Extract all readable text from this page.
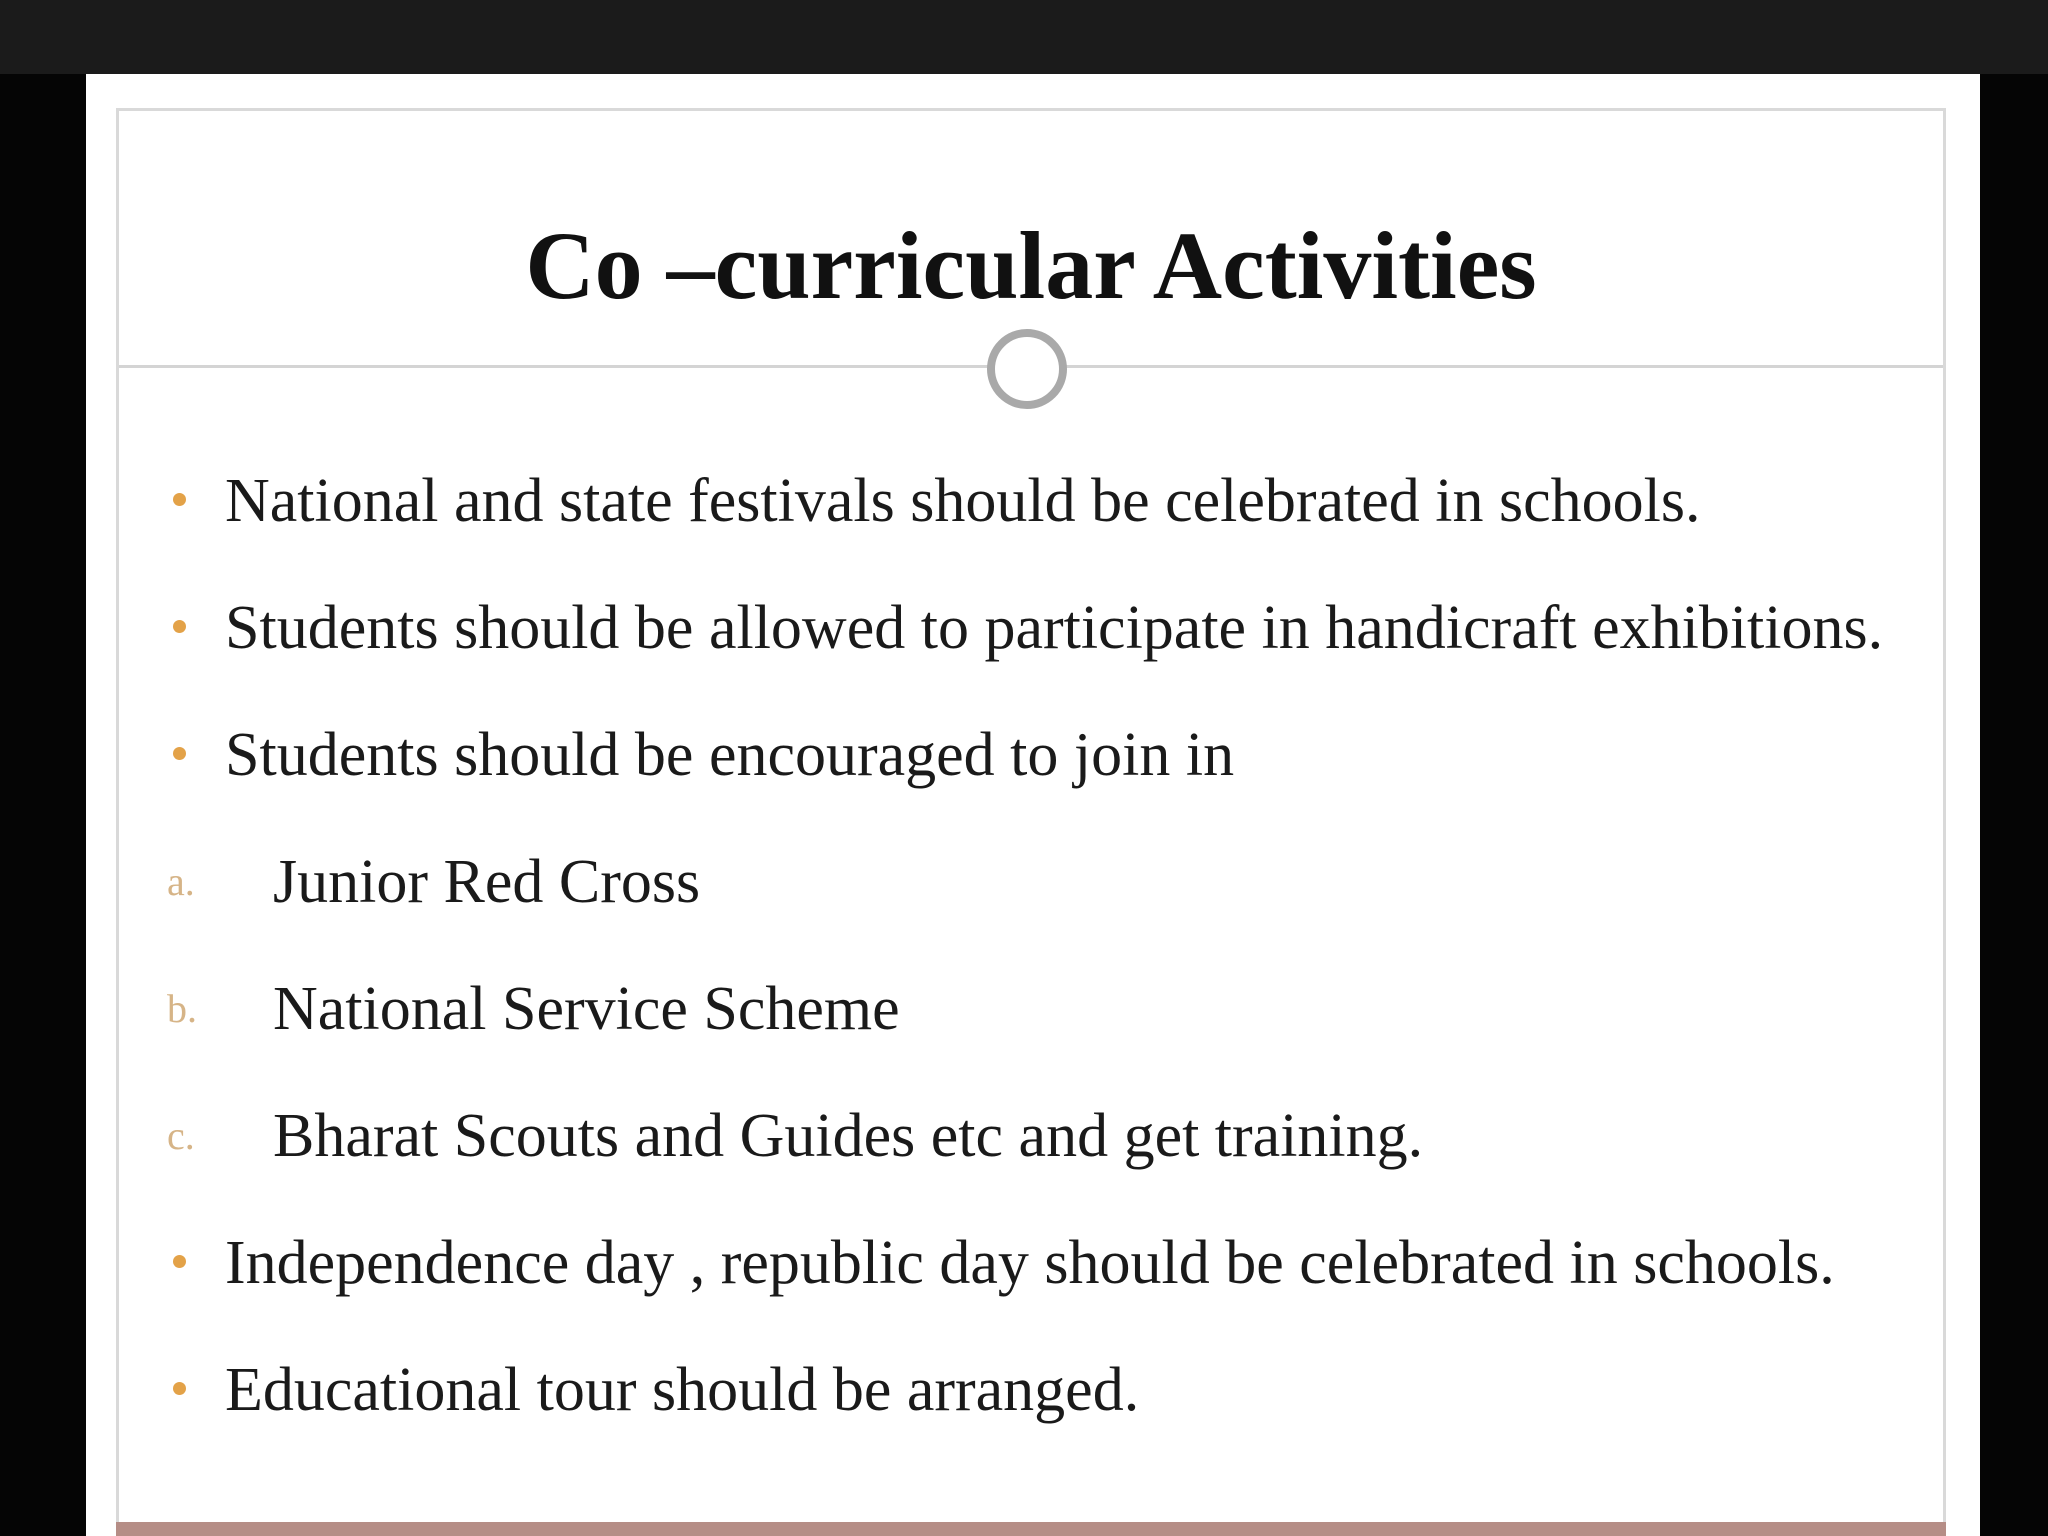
Co –curricular Activities
National and state festivals should be celebrated in schools.
Students should be allowed to participate in handicraft exhibitions.
Students should be encouraged to join in
a. Junior Red Cross
b. National Service Scheme
c. Bharat Scouts and Guides etc and get training.
Independence day , republic day should be celebrated in schools.
Educational tour should be arranged.
